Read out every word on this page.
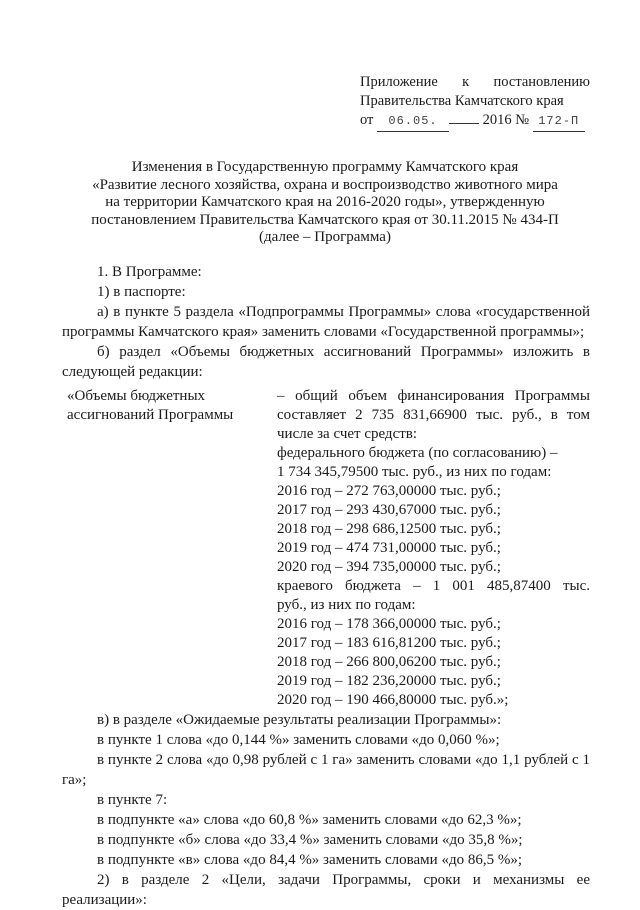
Приложение к постановлению
Правительства Камчатского края
от 06.05.	2016 № 172-П
Изменения в Государственную программу Камчатского края
«Развитие лесного хозяйства, охрана и воспроизводство животного мира
на территории Камчатского края на 2016-2020 годы», утвержденную
постановлением Правительства Камчатского края от 30.11.2015 № 434-П
(далее – Программа)
1. В Программе:
1) в паспорте:
а) в пункте 5 раздела «Подпрограммы Программы» слова «государственной программы Камчатского края» заменить словами «Государственной программы»;
б) раздел «Объемы бюджетных ассигнований Программы» изложить в следующей редакции:
«Объемы бюджетных
ассигнований Программы
– общий объем финансирования Программы составляет 2 735 831,66900 тыс. руб., в том числе за счет средств:
федерального бюджета (по согласованию) –
1 734 345,79500 тыс. руб., из них по годам:
2016 год – 272 763,00000 тыс. руб.;
2017 год – 293 430,67000 тыс. руб.;
2018 год – 298 686,12500 тыс. руб.;
2019 год – 474 731,00000 тыс. руб.;
2020 год – 394 735,00000 тыс. руб.;
краевого бюджета – 1 001 485,87400 тыс.
руб., из них по годам:
2016 год – 178 366,00000 тыс. руб.;
2017 год – 183 616,81200 тыс. руб.;
2018 год – 266 800,06200 тыс. руб.;
2019 год – 182 236,20000 тыс. руб.;
2020 год – 190 466,80000 тыс. руб.»;
в) в разделе «Ожидаемые результаты реализации Программы»:
в пункте 1 слова «до 0,144 %» заменить словами «до 0,060 %»;
в пункте 2 слова «до 0,98 рублей с 1 га» заменить словами «до 1,1 рублей с 1 га»;
в пункте 7:
в подпункте «а» слова «до 60,8 %» заменить словами «до 62,3 %»;
в подпункте «б» слова «до 33,4 %» заменить словами «до 35,8 %»;
в подпункте «в» слова «до 84,4 %» заменить словами «до 86,5 %»;
2) в разделе 2 «Цели, задачи Программы, сроки и механизмы ее реализации»:
